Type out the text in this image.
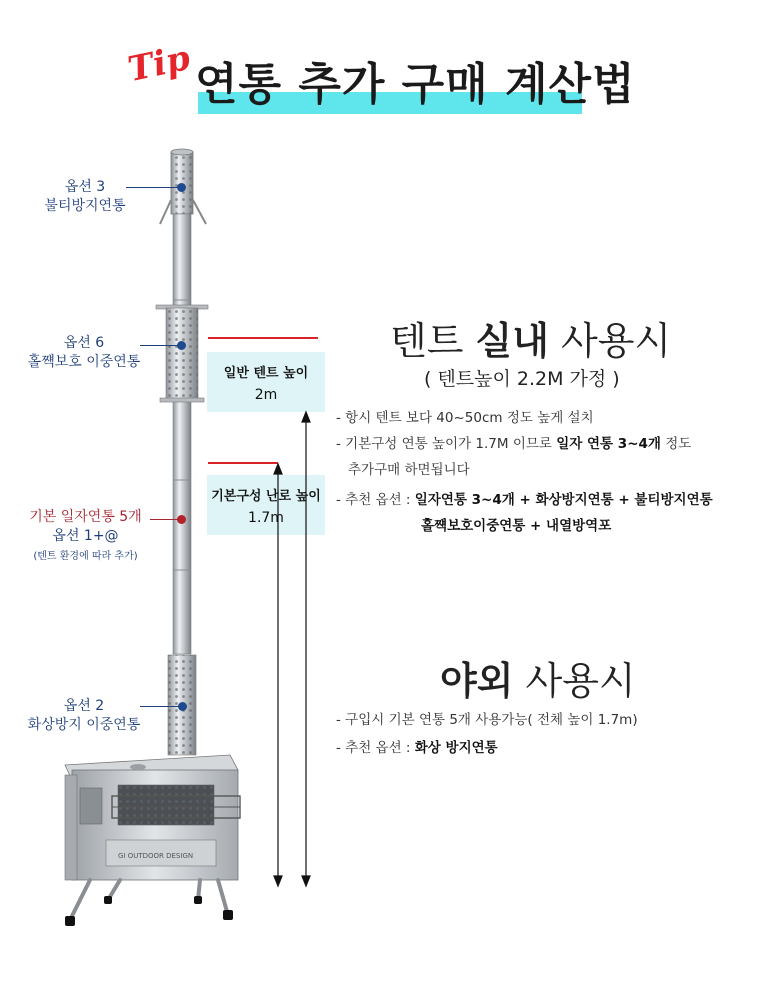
Tip 연통 추가 구매 계산법
GI OUTDOOR DESIGN
옵션 3
불티방지연통
옵션 6
홀쨱보호 이중연통
기본 일자연통 5개
옵션 1+@
(텐트 환경에 따라 추가)
옵션 2
화상방지 이중연통
일반 텐트 높이
2m
기본구성 난로 높이
1.7m
텐트 실내 사용시
( 텐트높이 2.2M 가정 )
- 항시 텐트 보다 40~50cm 정도 높게 설치
- 기본구성 연통 높이가 1.7M 이므로 일자 연통 3~4개 정도
추가구매 하면됩니다
- 추천 옵션 : 일자연통 3~4개 + 화상방지연통 + 불티방지연통
홀쨱보호이중연통 + 내열방역포
야외 사용시
- 구입시 기본 연통 5개 사용가능( 전체 높이 1.7m)
- 추천 옵션 : 화상 방지연통
